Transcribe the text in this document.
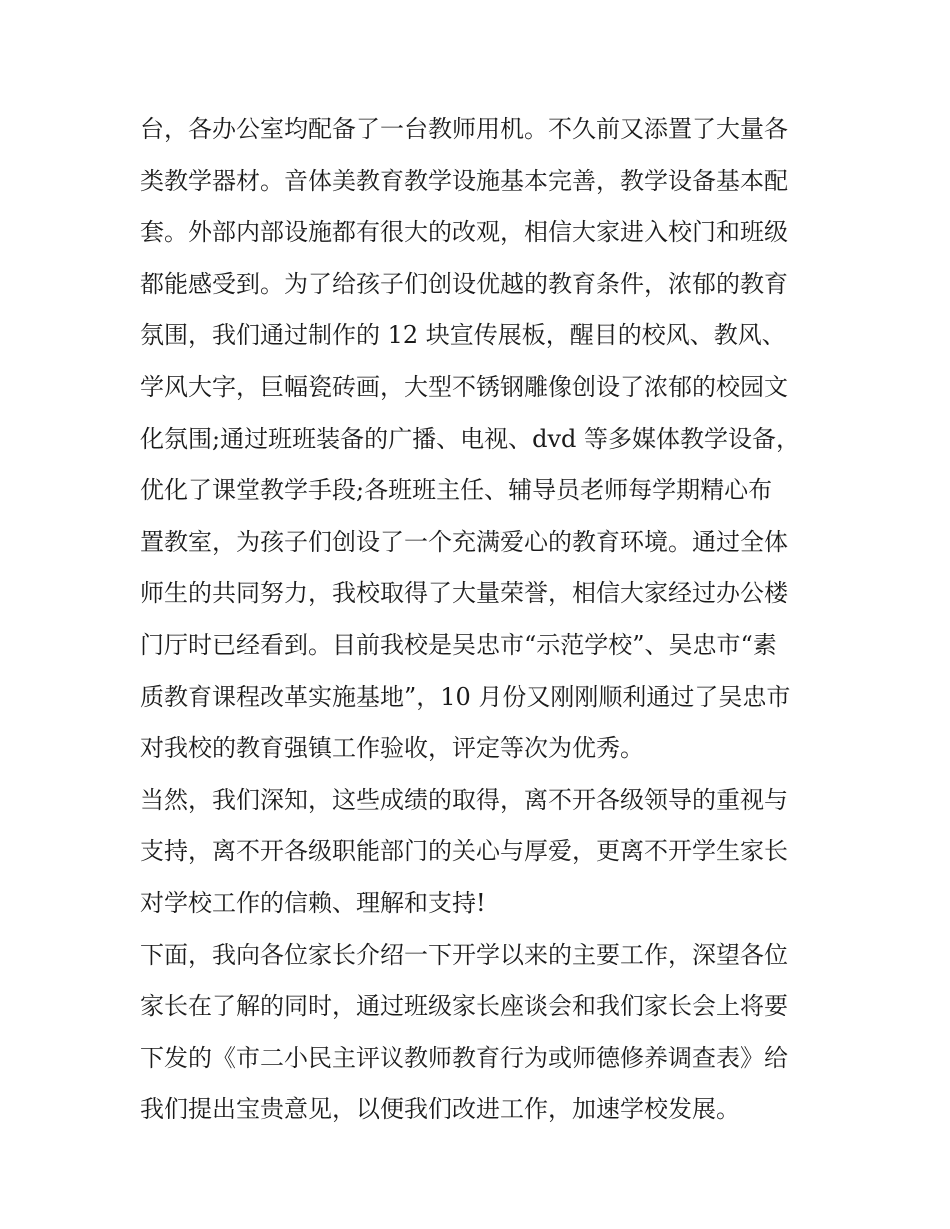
台，各办公室均配备了一台教师用机。不久前又添置了大量各
类教学器材。音体美教育教学设施基本完善，教学设备基本配
套。外部内部设施都有很大的改观，相信大家进入校门和班级
都能感受到。为了给孩子们创设优越的教育条件，浓郁的教育
氛围，我们通过制作的 12 块宣传展板，醒目的校风、教风、
学风大字，巨幅瓷砖画，大型不锈钢雕像创设了浓郁的校园文
化氛围;通过班班装备的广播、电视、dvd 等多媒体教学设备，
优化了课堂教学手段;各班班主任、辅导员老师每学期精心布
置教室，为孩子们创设了一个充满爱心的教育环境。通过全体
师生的共同努力，我校取得了大量荣誉，相信大家经过办公楼
门厅时已经看到。目前我校是吴忠市“示范学校”、吴忠市“素
质教育课程改革实施基地”，10 月份又刚刚顺利通过了吴忠市
对我校的教育强镇工作验收，评定等次为优秀。
当然，我们深知，这些成绩的取得，离不开各级领导的重视与
支持，离不开各级职能部门的关心与厚爱，更离不开学生家长
对学校工作的信赖、理解和支持!
下面，我向各位家长介绍一下开学以来的主要工作，深望各位
家长在了解的同时，通过班级家长座谈会和我们家长会上将要
下发的《市二小民主评议教师教育行为或师德修养调查表》给
我们提出宝贵意见，以便我们改进工作，加速学校发展。
